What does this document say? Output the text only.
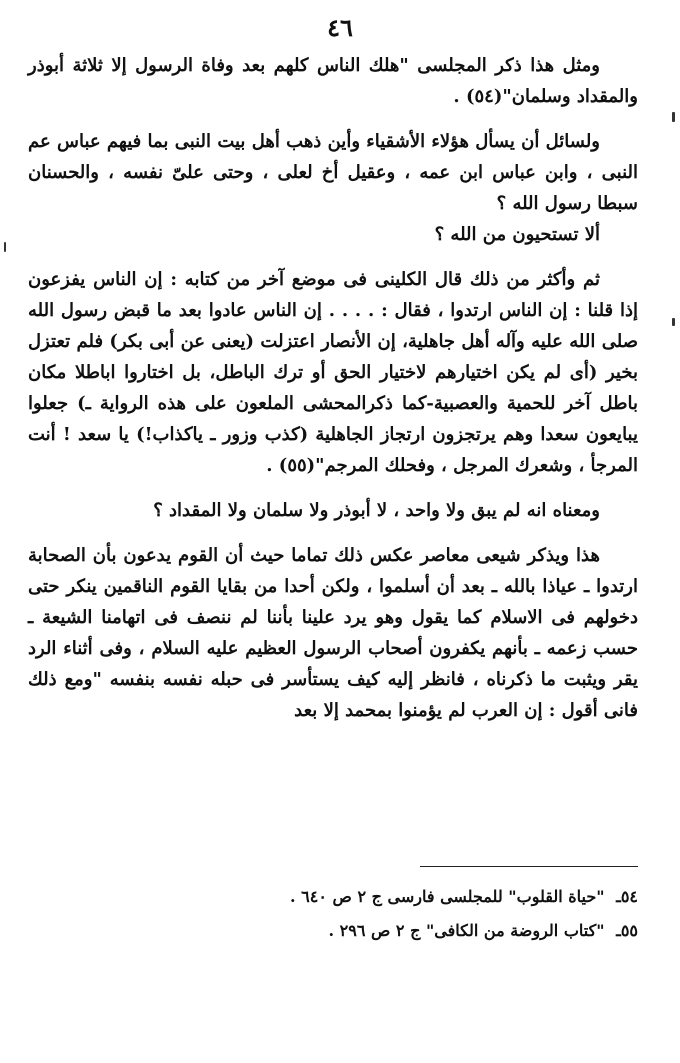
٤٦

ومثل هذا ذكر المجلسى "هلك الناس كلهم بعد وفاة الرسول إلا ثلاثة أبوذر والمقداد وسلمان"(٥٤) .

ولسائل أن يسأل هؤلاء الأشقياء وأين ذهب أهل بيت النبى بما فيهم عباس عم النبى ، وابن عباس ابن عمه ، وعقيل أخ لعلى ، وحتى علىّ نفسه ، والحسنان سبطا رسول الله ؟

ألا تستحيون من الله ؟

ثم وأكثر من ذلك قال الكلينى فى موضع آخر من كتابه : إن الناس يفزعون إذا قلنا : إن الناس ارتدوا ، فقال : . . . . إن الناس عادوا بعد ما قبض رسول الله صلى الله عليه وآله أهل جاهلية، إن الأنصار اعتزلت (يعنى عن أبى بكر) فلم تعتزل بخير (أى لم يكن اختيارهم لاختيار الحق أو ترك الباطل، بل اختاروا اباطلا مكان باطل آخر للحمية والعصبية-كما ذكرالمحشى الملعون على هذه الرواية ـ) جعلوا يبايعون سعدا وهم يرتجزون ارتجاز الجاهلية (كذب وزور ـ ياكذاب!) يا سعد ! أنت المرجأ ، وشعرك المرجل ، وفحلك المرجم"(٥٥) .

ومعناه انه لم يبق ولا واحد ، لا أبوذر ولا سلمان ولا المقداد ؟

هذا ويذكر شيعى معاصر عكس ذلك تماما حيث أن القوم يدعون بأن الصحابة ارتدوا ـ عياذا بالله ـ بعد أن أسلموا ، ولكن أحدا من بقايا القوم الناقمين ينكر حتى دخولهم فى الاسلام كما يقول وهو يرد علينا بأننا لم ننصف فى اتهامنا الشيعة ـ حسب زعمه ـ بأنهم يكفرون أصحاب الرسول العظيم عليه السلام ، وفى أثناء الرد يقر ويثبت ما ذكرناه ، فانظر إليه كيف يستأسر فى حبله نفسه بنفسه "ومع ذلك فانى أقول : إن العرب لم يؤمنوا بمحمد إلا بعد

٥٤ـ "حياة القلوب" للمجلسى فارسى ج ٢ ص ٦٤٠ .

٥٥ـ "كتاب الروضة من الكافى" ج ٢ ص ٢٩٦ .
